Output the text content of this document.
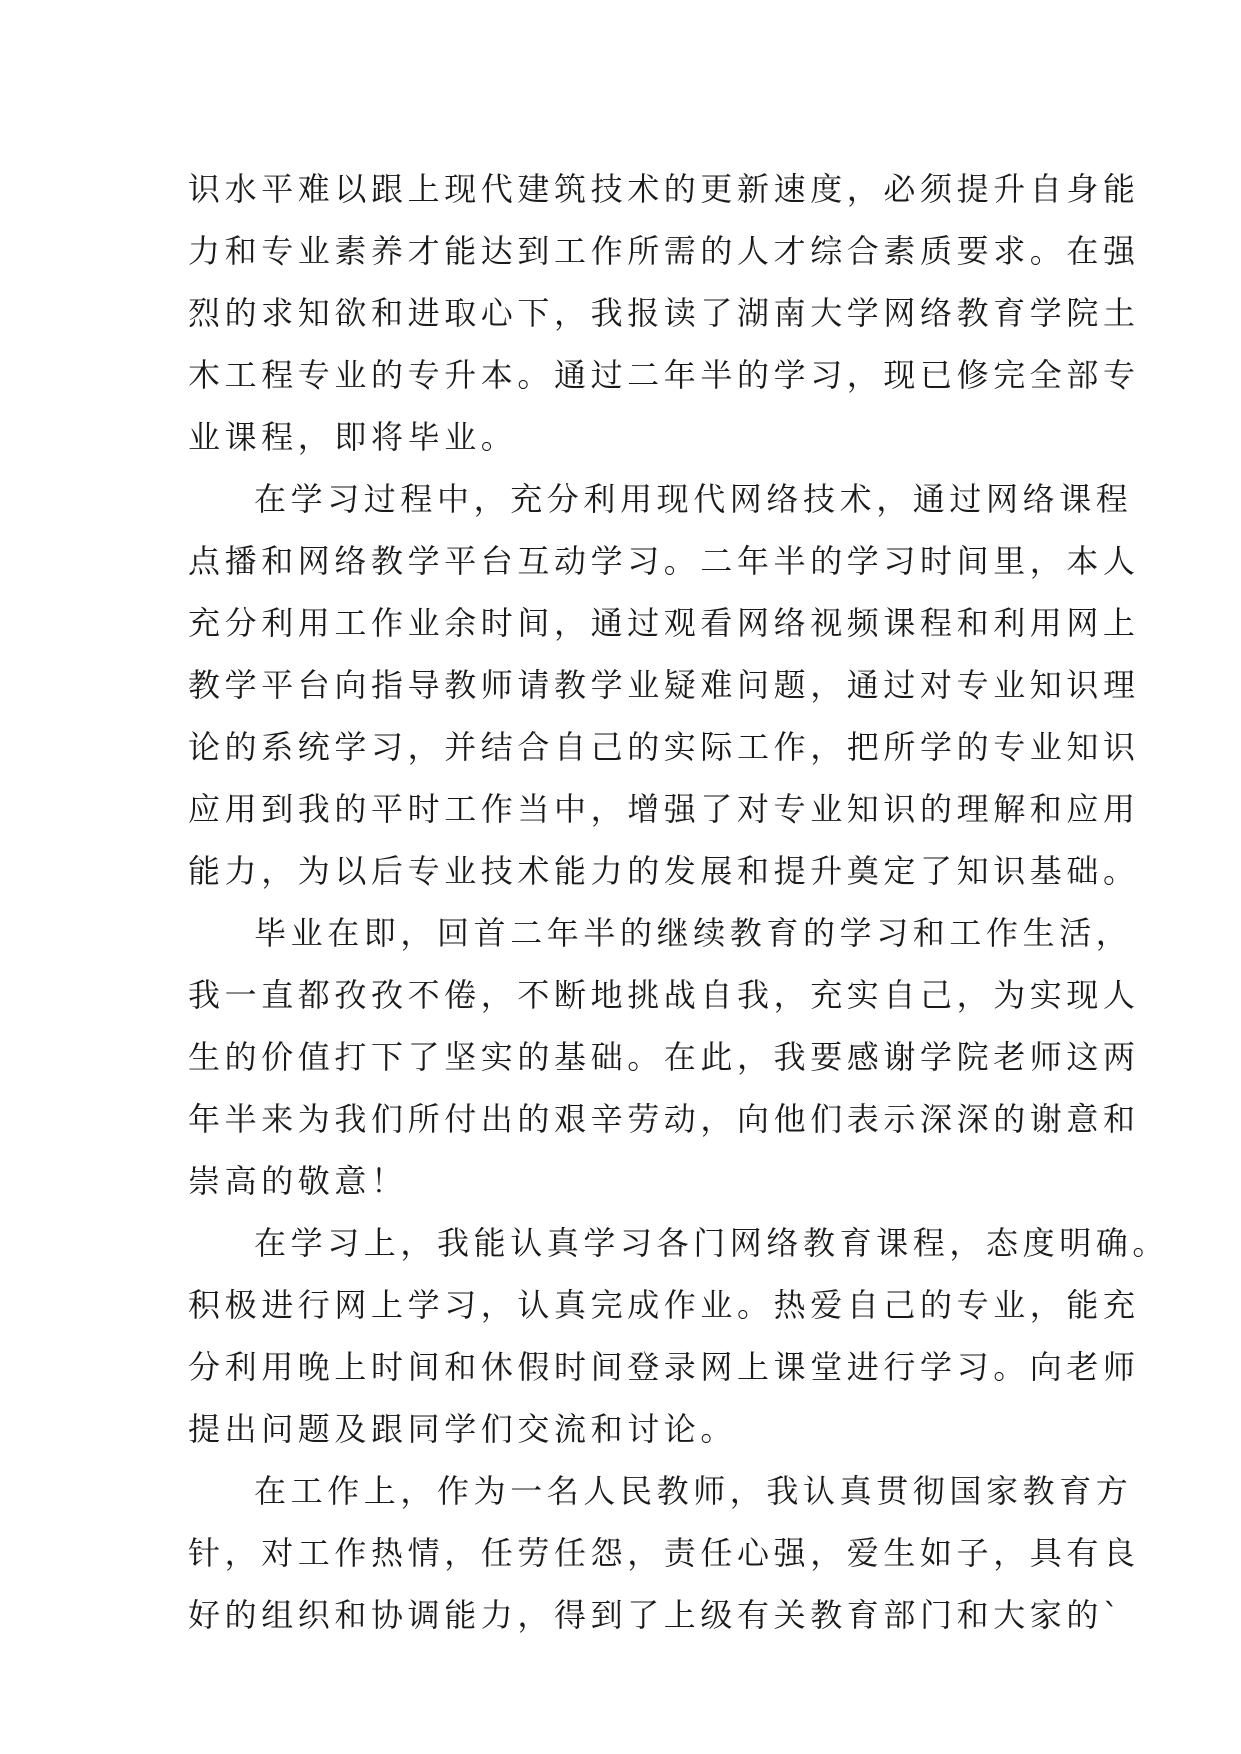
识水平难以跟上现代建筑技术的更新速度，必须提升自身能
力和专业素养才能达到工作所需的人才综合素质要求。在强
烈的求知欲和进取心下，我报读了湖南大学网络教育学院土
木工程专业的专升本。通过二年半的学习，现已修完全部专
业课程，即将毕业。
在学习过程中，充分利用现代网络技术，通过网络课程
点播和网络教学平台互动学习。二年半的学习时间里，本人
充分利用工作业余时间，通过观看网络视频课程和利用网上
教学平台向指导教师请教学业疑难问题，通过对专业知识理
论的系统学习，并结合自己的实际工作，把所学的专业知识
应用到我的平时工作当中，增强了对专业知识的理解和应用
能力，为以后专业技术能力的发展和提升奠定了知识基础。
毕业在即，回首二年半的继续教育的学习和工作生活，
我一直都孜孜不倦，不断地挑战自我，充实自己，为实现人
生的价值打下了坚实的基础。在此，我要感谢学院老师这两
年半来为我们所付出的艰辛劳动，向他们表示深深的谢意和
崇高的敬意！
在学习上，我能认真学习各门网络教育课程，态度明确。
积极进行网上学习，认真完成作业。热爱自己的专业，能充
分利用晚上时间和休假时间登录网上课堂进行学习。向老师
提出问题及跟同学们交流和讨论。
在工作上，作为一名人民教师，我认真贯彻国家教育方
针，对工作热情，任劳任怨，责任心强，爱生如子，具有良
好的组织和协调能力，得到了上级有关教育部门和大家的`
